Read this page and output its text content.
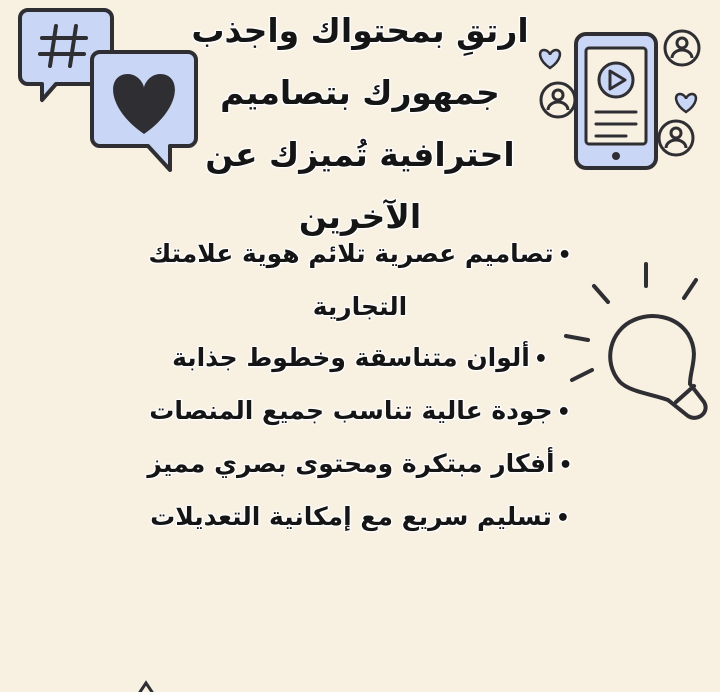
ارتقِ بمحتواك واجذب
جمهورك بتصاميم
احترافية تُميزك عن
الآخرين
•تصاميم عصرية تلائم هوية علامتك التجارية
•ألوان متناسقة وخطوط جذابة
•جودة عالية تناسب جميع المنصات
•أفكار مبتكرة ومحتوى بصري مميز
•تسليم سريع مع إمكانية التعديلات
